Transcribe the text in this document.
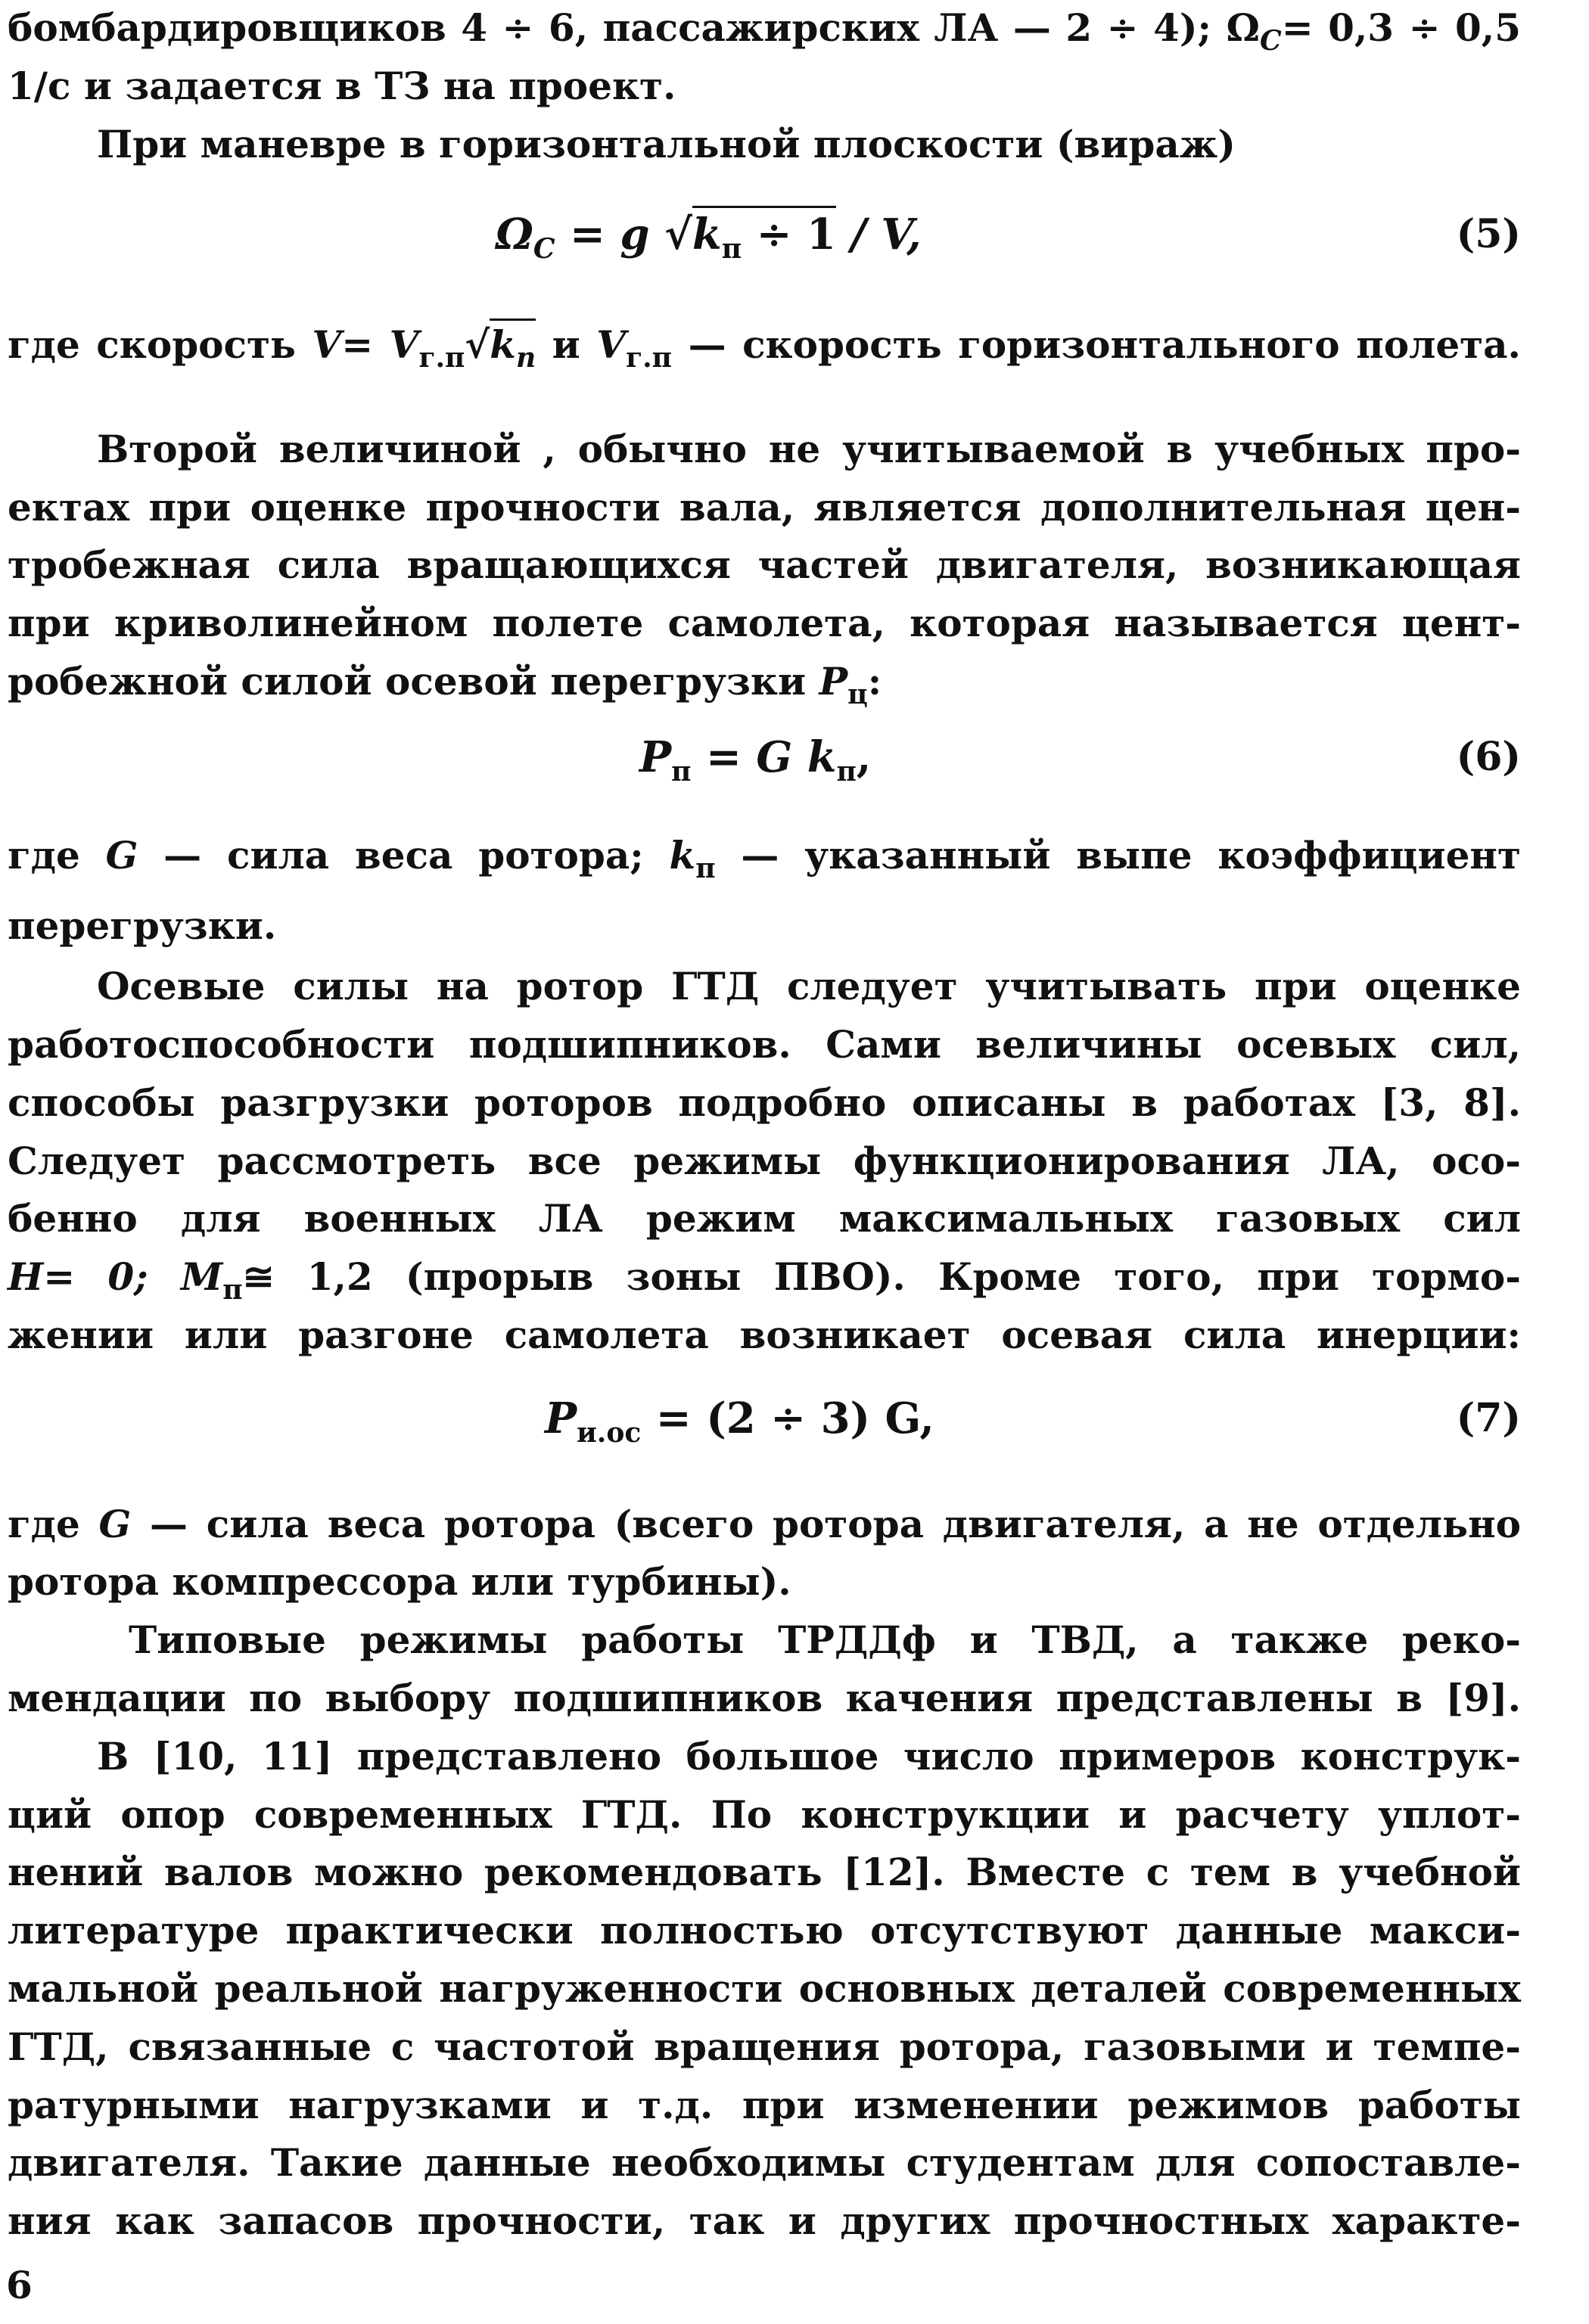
бомбардировщиков 4 ÷ 6, пассажирских ЛА — 2 ÷ 4); $\Omega_C= 0,3 \div 0,5$
1/с и задается в ТЗ на проект.
При маневре в горизонтальной плоскости (вираж)
$\Omega_C = g$ $√k_п \div 1 / V$,	(5)
где скорость $V= V_{г.п}√k_п$ и $V_{г.п}$ — скорость горизонтального полета.
Второй величиной , обычно не учитываемой в учебных про-
ектах при оценке прочности вала, является дополнительная цен-
тробежная сила вращающихся частей двигателя, возникающая
при криволинейном полете самолета, которая называется цент-
робежной силой осевой перегрузки $P_ц$:
$P_п = G$ $k_п$,	(6)
где G — сила веса ротора; $k_п$ — указанный выпе коэффициент
перегрузки.
Осевые силы на ротор ГТД следует учитывать при оценке
работоспособности подшипников. Сами величины осевых сил,
способы разгрузки роторов подробно описаны в работах [3, 8].
Следует рассмотреть все режимы функционирования ЛА, осо-
бенно для военных ЛА режим максимальных газовых сил
H= 0; $M_п≅$ 1,2 (прорыв зоны ПВО). Кроме того, при тормо-
жении или разгоне самолета возникает осевая сила инерции:
$P_{и.ос} = (2 \div 3)$ G,	(7)
где G — сила веса ротора (всего ротора двигателя, а не отдельно
ротора компрессора или турбины).
Типовые режимы работы ТРДДф и ТВД, а также реко-
мендации по выбору подшипников качения представлены в [9].
В [10, 11] представлено большое число примеров конструк-
ций опор современных ГТД. По конструкции и расчету уплот-
нений валов можно рекомендовать [12]. Вместе с тем в учебной
литературе практически полностью отсутствуют данные макси-
мальной реальной нагруженности основных деталей современных
ГТД, связанные с частотой вращения ротора, газовыми и темпе-
ратурными нагрузками и т.д. при изменении режимов работы
двигателя. Такие данные необходимы студентам для сопоставле-
ния как запасов прочности, так и других прочностных характе-
6
